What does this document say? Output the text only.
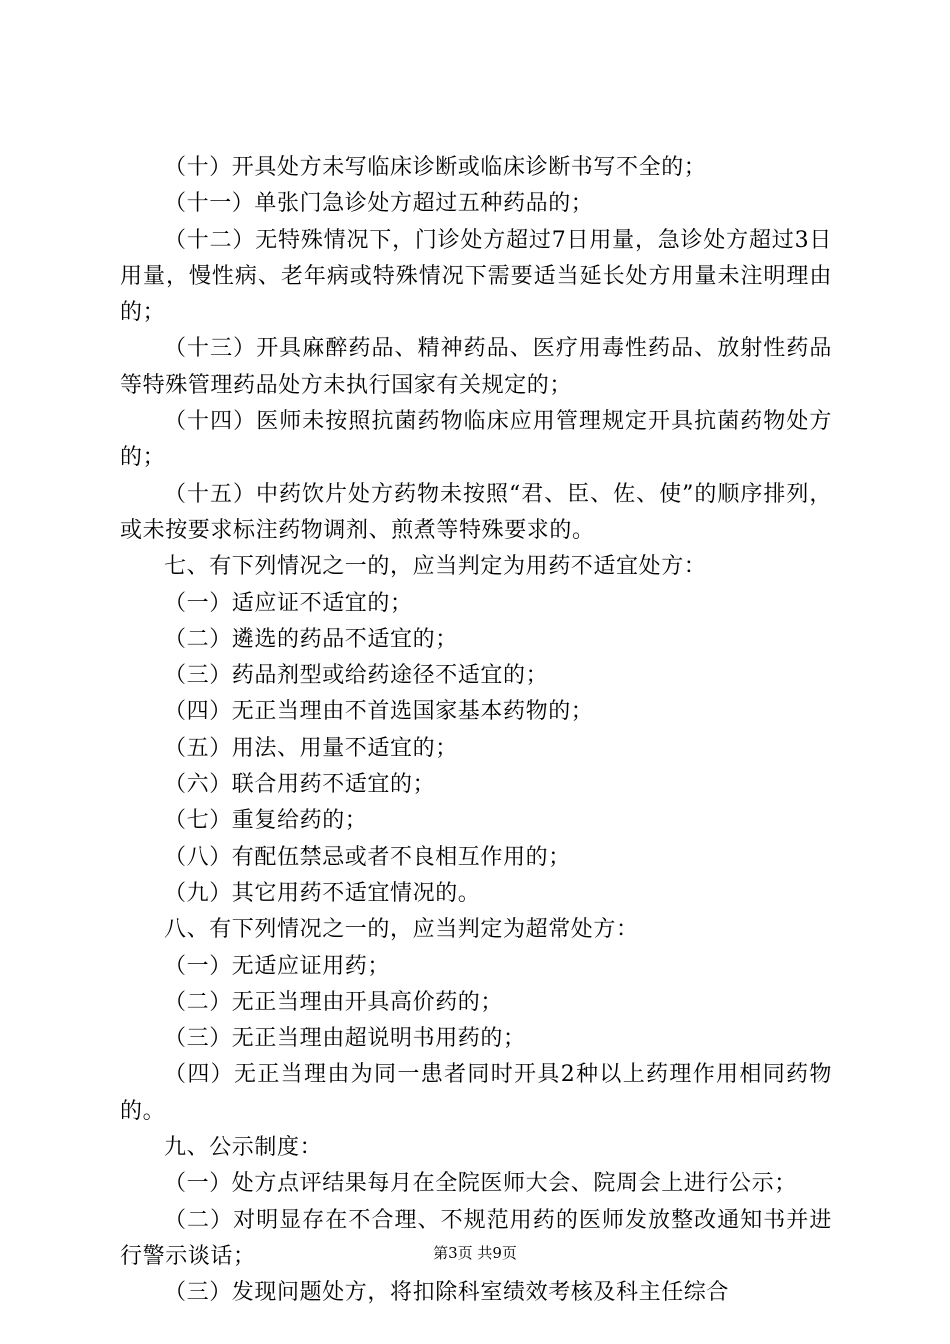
（十）开具处方未写临床诊断或临床诊断书写不全的；

（十一）单张门急诊处方超过五种药品的；

（十二）无特殊情况下，门诊处方超过7日用量，急诊处方超过3日用量，慢性病、老年病或特殊情况下需要适当延长处方用量未注明理由的；

（十三）开具麻醉药品、精神药品、医疗用毒性药品、放射性药品等特殊管理药品处方未执行国家有关规定的；

（十四）医师未按照抗菌药物临床应用管理规定开具抗菌药物处方的；

（十五）中药饮片处方药物未按照“君、臣、佐、使”的顺序排列，或未按要求标注药物调剂、煎煮等特殊要求的。

七、有下列情况之一的，应当判定为用药不适宜处方：

（一）适应证不适宜的；

（二）遴选的药品不适宜的；

（三）药品剂型或给药途径不适宜的；

（四）无正当理由不首选国家基本药物的；

（五）用法、用量不适宜的；

（六）联合用药不适宜的；

（七）重复给药的；

（八）有配伍禁忌或者不良相互作用的；

（九）其它用药不适宜情况的。

八、有下列情况之一的，应当判定为超常处方：

（一）无适应证用药；

（二）无正当理由开具高价药的；

（三）无正当理由超说明书用药的；

（四）无正当理由为同一患者同时开具2种以上药理作用相同药物的。

九、公示制度：

（一）处方点评结果每月在全院医师大会、院周会上进行公示；

（二）对明显存在不合理、不规范用药的医师发放整改通知书并进行警示谈话；

（三）发现问题处方，将扣除科室绩效考核及科主任综合

第3页 共9页
